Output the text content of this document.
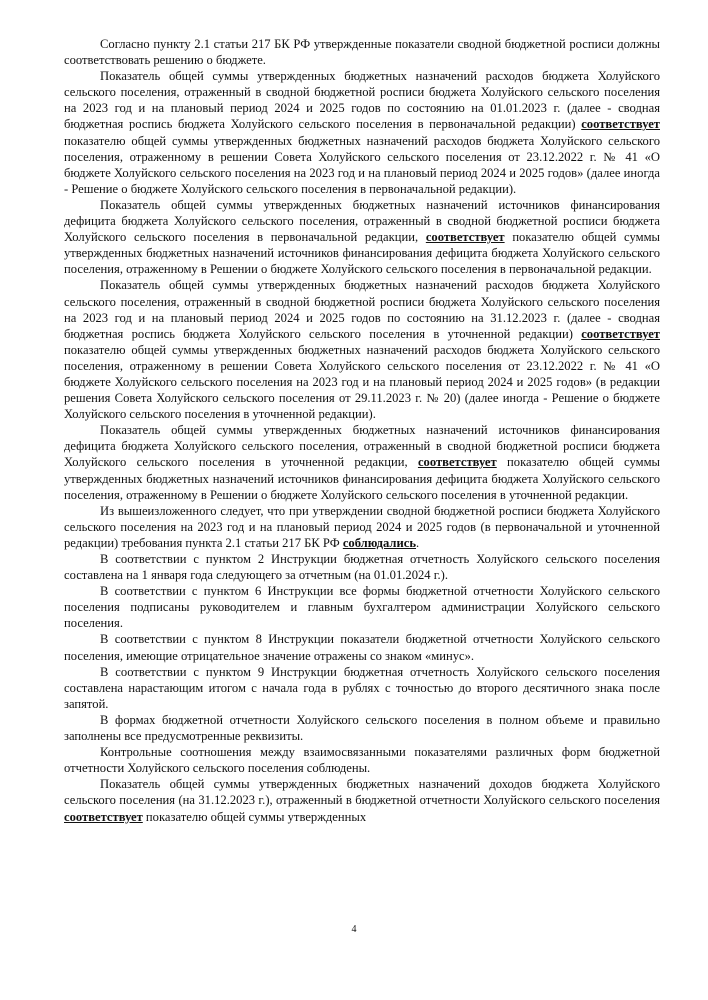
Согласно пункту 2.1 статьи 217 БК РФ утвержденные показатели сводной бюджетной росписи должны соответствовать решению о бюджете.

Показатель общей суммы утвержденных бюджетных назначений расходов бюджета Холуйского сельского поселения, отраженный в сводной бюджетной росписи бюджета Холуйского сельского поселения на 2023 год и на плановый период 2024 и 2025 годов по состоянию на 01.01.2023 г. (далее - сводная бюджетная роспись бюджета Холуйского сельского поселения в первоначальной редакции) соответствует показателю общей суммы утвержденных бюджетных назначений расходов бюджета Холуйского сельского поселения, отраженному в решении Совета Холуйского сельского поселения от 23.12.2022 г. № 41 «О бюджете Холуйского сельского поселения на 2023 год и на плановый период 2024 и 2025 годов» (далее иногда - Решение о бюджете Холуйского сельского поселения в первоначальной редакции).

Показатель общей суммы утвержденных бюджетных назначений источников финансирования дефицита бюджета Холуйского сельского поселения, отраженный в сводной бюджетной росписи бюджета Холуйского сельского поселения в первоначальной редакции, соответствует показателю общей суммы утвержденных бюджетных назначений источников финансирования дефицита бюджета Холуйского сельского поселения, отраженному в Решении о бюджете Холуйского сельского поселения в первоначальной редакции.

Показатель общей суммы утвержденных бюджетных назначений расходов бюджета Холуйского сельского поселения, отраженный в сводной бюджетной росписи бюджета Холуйского сельского поселения на 2023 год и на плановый период 2024 и 2025 годов по состоянию на 31.12.2023 г. (далее - сводная бюджетная роспись бюджета Холуйского сельского поселения в уточненной редакции) соответствует показателю общей суммы утвержденных бюджетных назначений расходов бюджета Холуйского сельского поселения, отраженному в решении Совета Холуйского сельского поселения от 23.12.2022 г. № 41 «О бюджете Холуйского сельского поселения на 2023 год и на плановый период 2024 и 2025 годов» (в редакции решения Совета Холуйского сельского поселения от 29.11.2023 г. № 20) (далее иногда - Решение о бюджете Холуйского сельского поселения в уточненной редакции).

Показатель общей суммы утвержденных бюджетных назначений источников финансирования дефицита бюджета Холуйского сельского поселения, отраженный в сводной бюджетной росписи бюджета Холуйского сельского поселения в уточненной редакции, соответствует показателю общей суммы утвержденных бюджетных назначений источников финансирования дефицита бюджета Холуйского сельского поселения, отраженному в Решении о бюджете Холуйского сельского поселения в уточненной редакции.

Из вышеизложенного следует, что при утверждении сводной бюджетной росписи бюджета Холуйского сельского поселения на 2023 год и на плановый период 2024 и 2025 годов (в первоначальной и уточненной редакции) требования пункта 2.1 статьи 217 БК РФ соблюдались.

В соответствии с пунктом 2 Инструкции бюджетная отчетность Холуйского сельского поселения составлена на 1 января года следующего за отчетным (на 01.01.2024 г.).

В соответствии с пунктом 6 Инструкции все формы бюджетной отчетности Холуйского сельского поселения подписаны руководителем и главным бухгалтером администрации Холуйского сельского поселения.

В соответствии с пунктом 8 Инструкции показатели бюджетной отчетности Холуйского сельского поселения, имеющие отрицательное значение отражены со знаком «минус».

В соответствии с пунктом 9 Инструкции бюджетная отчетность Холуйского сельского поселения составлена нарастающим итогом с начала года в рублях с точностью до второго десятичного знака после запятой.

В формах бюджетной отчетности Холуйского сельского поселения в полном объеме и правильно заполнены все предусмотренные реквизиты.

Контрольные соотношения между взаимосвязанными показателями различных форм бюджетной отчетности Холуйского сельского поселения соблюдены.

Показатель общей суммы утвержденных бюджетных назначений доходов бюджета Холуйского сельского поселения (на 31.12.2023 г.), отраженный в бюджетной отчетности Холуйского сельского поселения соответствует показателю общей суммы утвержденных

4
